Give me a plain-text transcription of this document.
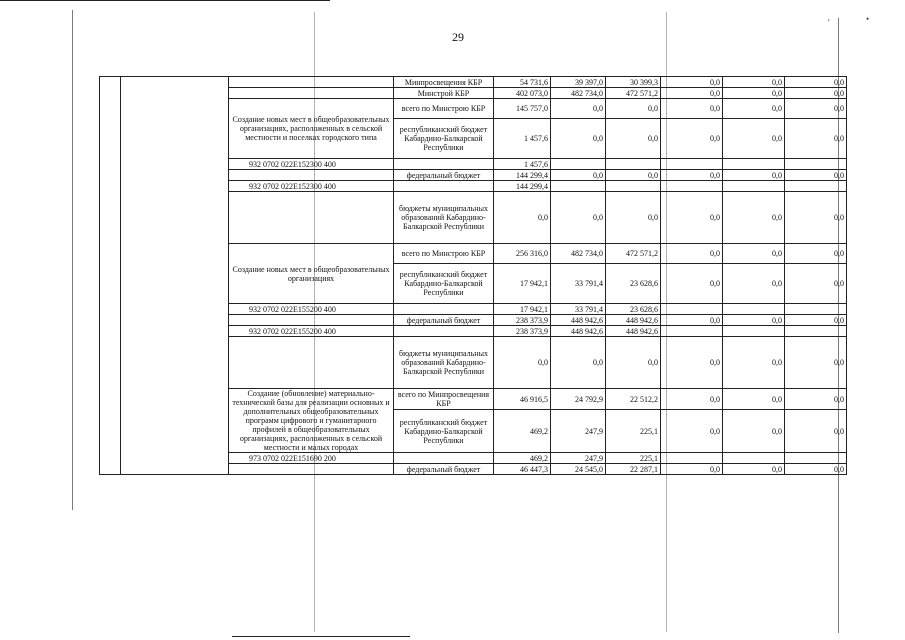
29
ʳ	•
			Минпросвещения КБР	54 731,6	39 397,0	30 399,3	0,0	0,0	0,0
			Минстрой КБР	402 073,0	482 734,0	472 571,2	0,0	0,0	0,0
		Создание новых мест в общеобразовательных организациях, расположенных в сельской местности и поселках городского типа	всего по Минстрою КБР	145 757,0	0,0	0,0	0,0	0,0	0,0
			республиканский бюджет Кабардино-Балкарской Республики	1 457,6	0,0	0,0	0,0	0,0	0,0
		932 0702 022E152300 400		1 457,6					
			федеральный бюджет	144 299,4	0,0	0,0	0,0	0,0	0,0
		932 0702 022E152300 400		144 299,4					
			бюджеты муниципальных образований Кабардино-Балкарской Республики	0,0	0,0	0,0	0,0	0,0	0,0
		Создание новых мест в общеобразовательных организациях	всего по Минстрою КБР	256 316,0	482 734,0	472 571,2	0,0	0,0	0,0
			республиканский бюджет Кабардино-Балкарской Республики	17 942,1	33 791,4	23 628,6	0,0	0,0	0,0
		932 0702 022E155200 400		17 942,1	33 791,4	23 628,6			
			федеральный бюджет	238 373,9	448 942,6	448 942,6	0,0	0,0	0,0
		932 0702 022E155200 400		238 373,9	448 942,6	448 942,6			
			бюджеты муниципальных образований Кабардино-Балкарской Республики	0,0	0,0	0,0	0,0	0,0	0,0
		Создание (обновление) материально-технической базы для реализации основных и дополнительных общеобразовательных программ цифрового и гуманитарного профилей в общеобразовательных организациях, расположенных в сельской местности и малых городах	всего по Минпросвещения КБР	46 916,5	24 792,9	22 512,2	0,0	0,0	0,0
			республиканский бюджет Кабардино-Балкарской Республики	469,2	247,9	225,1	0,0	0,0	0,0
		973 0702 022E151690 200		469,2	247,9	225,1			
			федеральный бюджет	46 447,3	24 545,0	22 287,1	0,0	0,0	0,0
